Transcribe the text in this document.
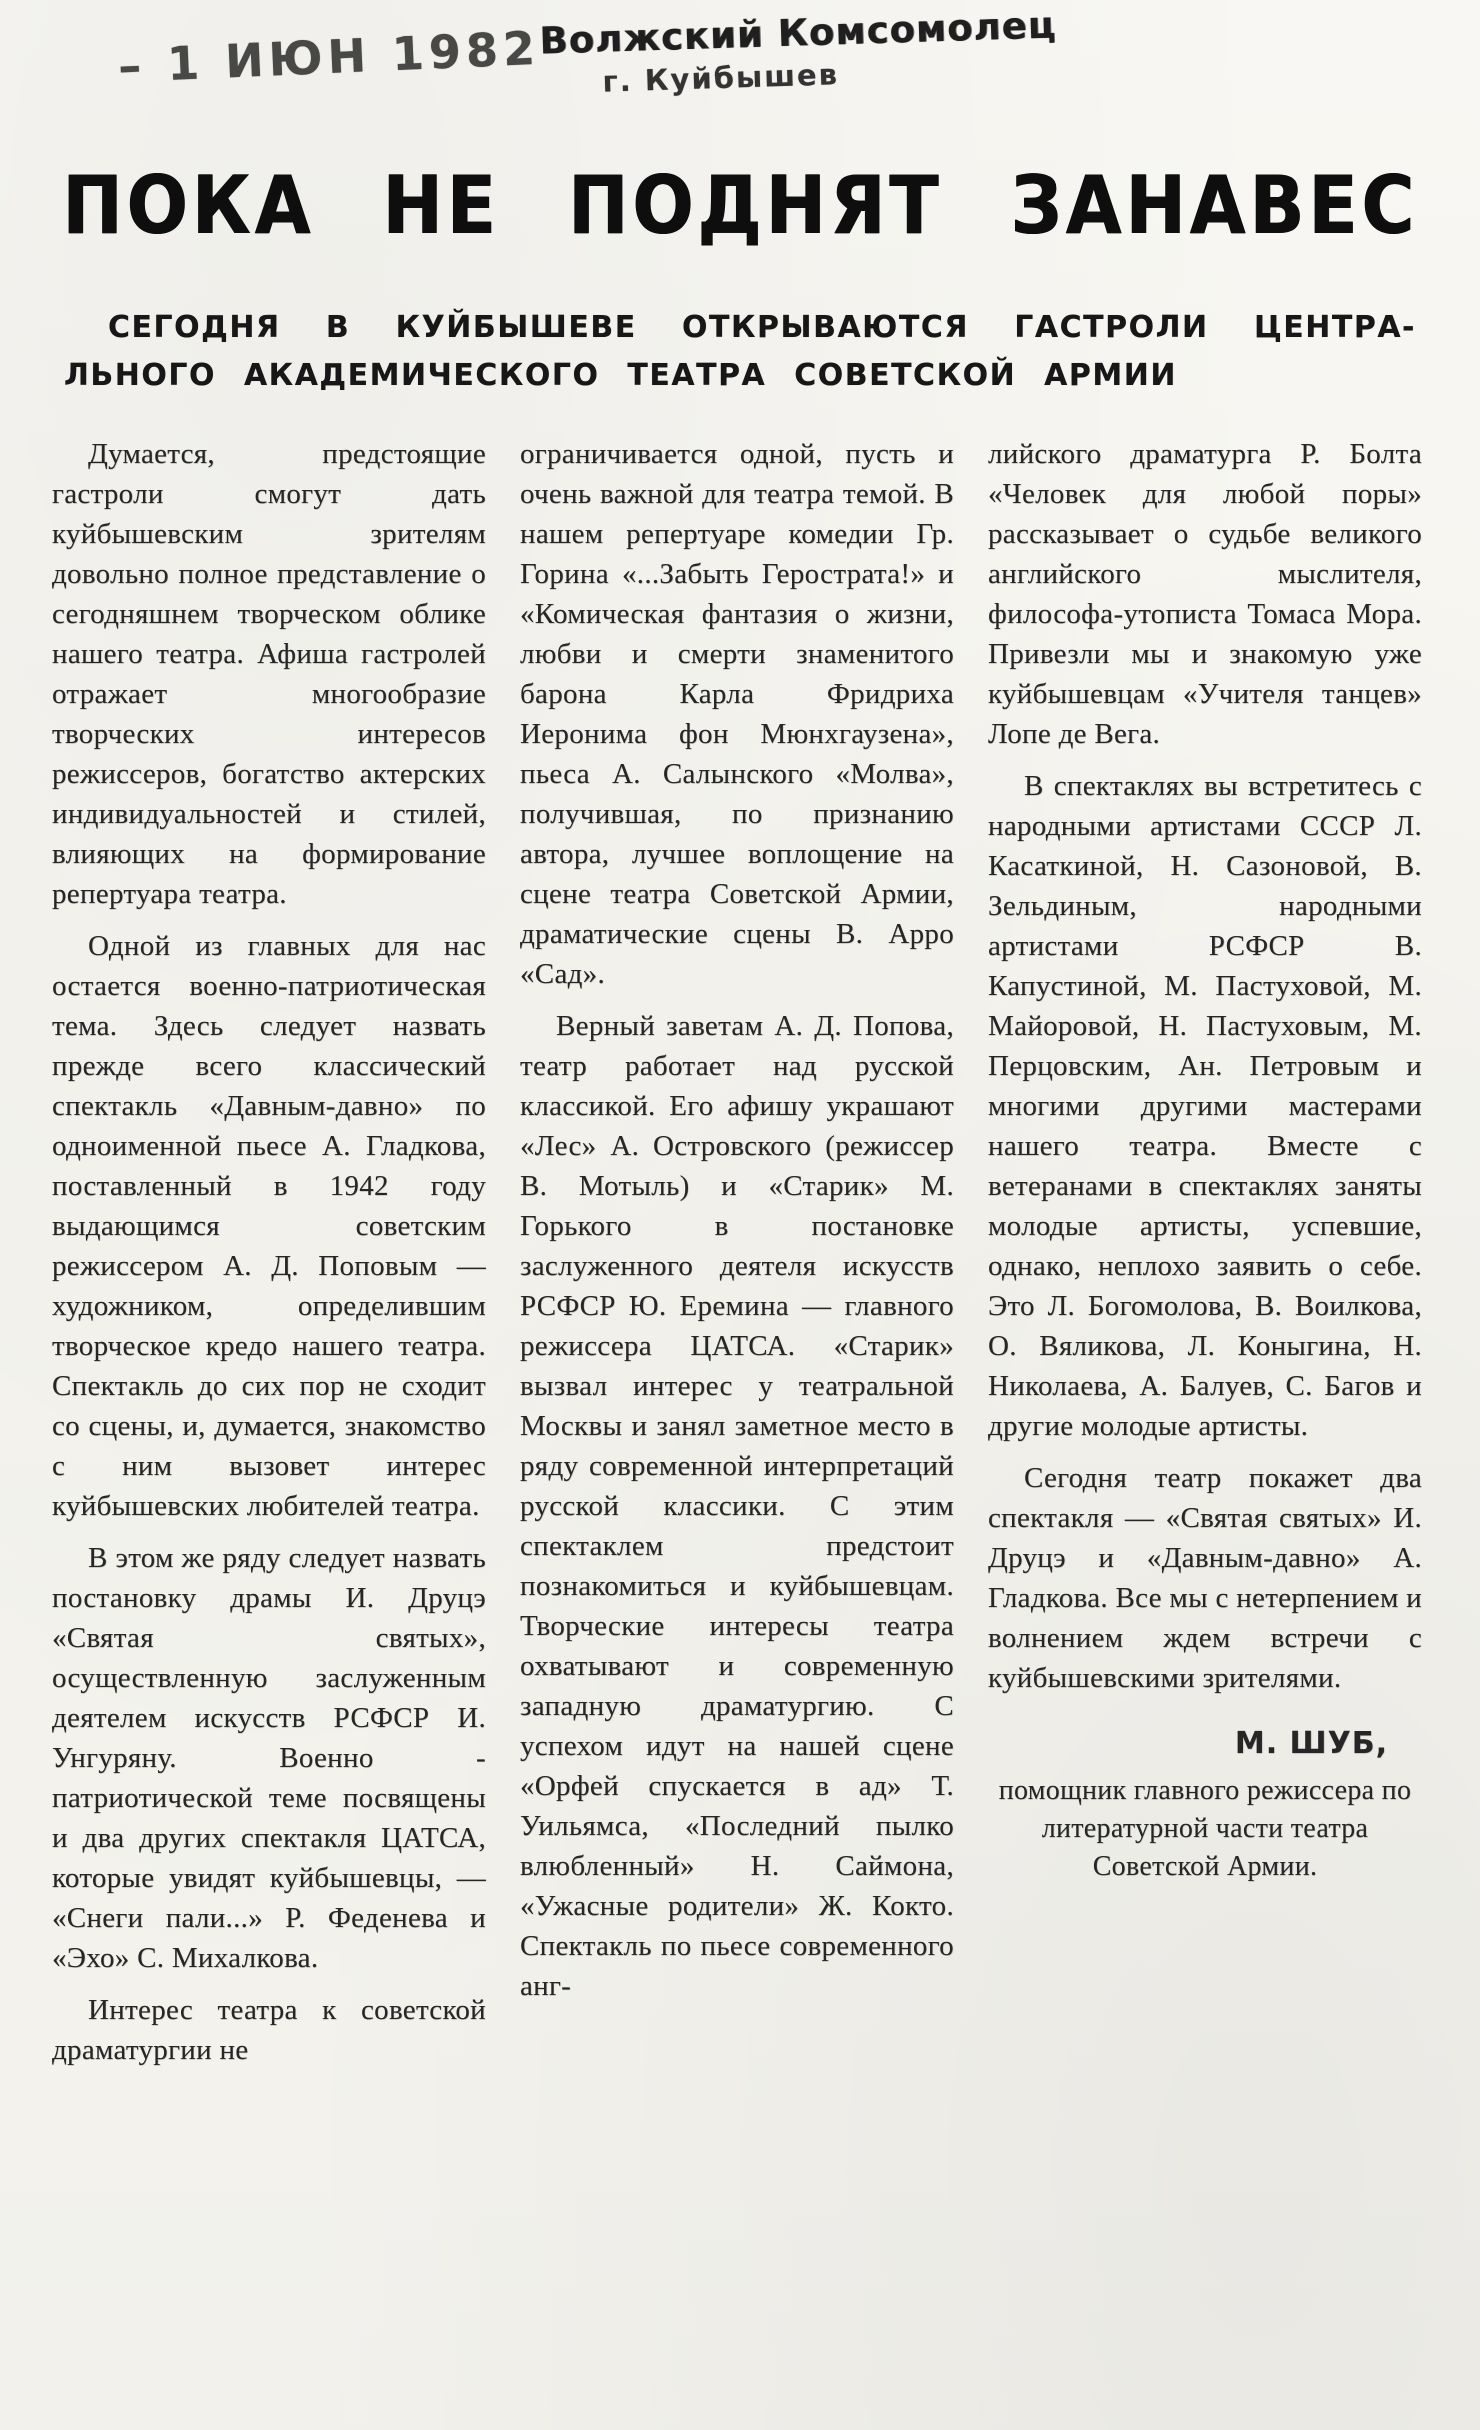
– 1 ИЮН 1982
Волжский Комсомолец
г. Куйбышев
ПОКА НЕ ПОДНЯТ ЗАНАВЕС
СЕГОДНЯ В КУЙБЫШЕВЕ ОТКРЫВАЮТСЯ ГАСТРОЛИ ЦЕНТРА-
ЛЬНОГО АКАДЕМИЧЕСКОГО ТЕАТРА СОВЕТСКОЙ АРМИИ

Думается, предстоящие гастроли смогут дать куйбышевским зрителям довольно полное представление о сегодняшнем творческом облике нашего театра. Афиша гастролей отражает многообразие творческих интересов режиссеров, богатство актерских индивидуальностей и стилей, влияющих на формирование репертуара театра.

Одной из главных для нас остается военно-патриотическая тема. Здесь следует назвать прежде всего классический спектакль «Давным-давно» по одноименной пьесе А. Гладкова, поставленный в 1942 году выдающимся советским режиссером А. Д. Поповым — художником, определившим творческое кредо нашего театра. Спектакль до сих пор не сходит со сцены, и, думается, знакомство с ним вызовет интерес куйбышевских любителей театра.

В этом же ряду следует назвать постановку драмы И. Друцэ «Святая святых», осуществленную заслуженным деятелем искусств РСФСР И. Унгуряну. Военно - патриотической теме посвящены и два других спектакля ЦАТСА, которые увидят куйбышевцы, — «Снеги пали...» Р. Феденева и «Эхо» С. Михалкова.

Интерес театра к советской драматургии не

ограничивается одной, пусть и очень важной для театра темой. В нашем репертуаре комедии Гр. Горина «...Забыть Герострата!» и «Комическая фантазия о жизни, любви и смерти знаменитого барона Карла Фридриха Иеронима фон Мюнхгаузена», пьеса А. Салынского «Молва», получившая, по признанию автора, лучшее воплощение на сцене театра Советской Армии, драматические сцены В. Арро «Сад».

Верный заветам А. Д. Попова, театр работает над русской классикой. Его афишу украшают «Лес» А. Островского (режиссер В. Мотыль) и «Старик» М. Горького в постановке заслуженного деятеля искусств РСФСР Ю. Еремина — главного режиссера ЦАТСА. «Старик» вызвал интерес у театральной Москвы и занял заметное место в ряду современной интерпретаций русской классики. С этим спектаклем предстоит познакомиться и куйбышевцам. Творческие интересы театра охватывают и современную западную драматургию. С успехом идут на нашей сцене «Орфей спускается в ад» Т. Уильямса, «Последний пылко влюбленный» Н. Саймона, «Ужасные родители» Ж. Кокто. Спектакль по пьесе современного анг-

лийского драматурга Р. Болта «Человек для любой поры» рассказывает о судьбе великого английского мыслителя, философа-утописта Томаса Мора. Привезли мы и знакомую уже куйбышевцам «Учителя танцев» Лопе де Вега.

В спектаклях вы встретитесь с народными артистами СССР Л. Касаткиной, Н. Сазоновой, В. Зельдиным, народными артистами РСФСР В. Капустиной, М. Пастуховой, М. Майоровой, Н. Пастуховым, М. Перцовским, Ан. Петровым и многими другими мастерами нашего театра. Вместе с ветеранами в спектаклях заняты молодые артисты, успевшие, однако, неплохо заявить о себе. Это Л. Богомолова, В. Воилкова, О. Вяликова, Л. Коныгина, Н. Николаева, А. Балуев, С. Багов и другие молодые артисты.

Сегодня театр покажет два спектакля — «Святая святых» И. Друцэ и «Давным-давно» А. Гладкова. Все мы с нетерпением и волнением ждем встречи с куйбышевскими зрителями.

М. ШУБ,
помощник главного режиссера по литературной части театра Советской Армии.
